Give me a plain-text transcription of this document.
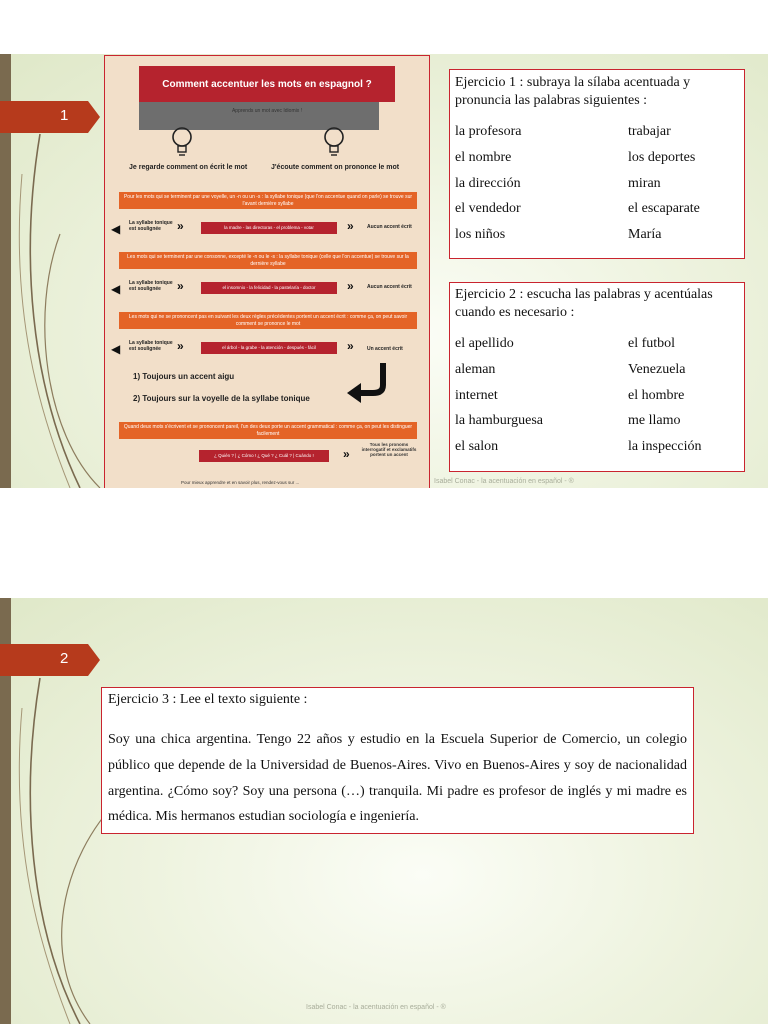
1
Comment accentuer les mots en espagnol ?
Apprends un mot avec Idiomix !
Je regarde comment on écrit le mot	J'écoute comment on prononce le mot
Pour les mots qui se terminent par une voyelle, un -n ou un -s : la syllabe tonique (que l'on accentue quand on parle) se trouve sur l'avant dernière syllabe
◀ La syllabe tonique est soulignée	»	la madre - las directoras - el problema - votar	»	Aucun accent écrit
Les mots qui se terminent par une consonne, excepté le -n ou le -s : la syllabe tonique (celle que l'on accentue) se trouve sur la dernière syllabe
◀ La syllabe tonique est soulignée	»	el insomnio - la felicidad - la pastelaría - doctor	»	Aucun accent écrit
Les mots qui ne se prononcent pas en suivant les deux règles précédentes portent un accent écrit : comme ça, on peut savoir comment se prononce le mot
◀ La syllabe tonique est soulignée	»	el árbol - la grabe - la atención - después - fácil	»	Un accent écrit
1) Toujours un accent aigu
2) Toujours sur la voyelle de la syllabe tonique
Quand deux mots s'écrivent et se prononcent pareil, l'un des deux porte un accent grammatical : comme ça, on peut les distinguer facilement
¿ Quién ? | ¿ Cómo ! ¿ Qué ? ¿ Cuál ? | Cuándo !	»
Tous les pronoms interrogatif et exclamatifs portent un accent
Pour mieux apprendre et en savoir plus, rendez-vous sur ...
Ejercicio 1 : subraya la sílaba acentuada y pronuncia las palabras siguientes :
la profesora	trabajar
el nombre	los deportes
la dirección	miran
el vendedor	el escaparate
los niños	María
Ejercicio 2 : escucha las palabras y acentúalas cuando es necesario :
el apellido	el futbol
aleman	Venezuela
internet	el hombre
la hamburguesa	me llamo
el salon	la inspección
Isabel Conac - la acentuación en español - ®
2
Ejercicio 3 : Lee el texto siguiente :
Soy una chica argentina. Tengo 22 años y estudio en la Escuela Superior de Comercio, un colegio público que depende de la Universidad de Buenos-Aires. Vivo en Buenos-Aires y soy de nacionalidad argentina. ¿Cómo soy? Soy una persona (…) tranquila. Mi padre es profesor de inglés y mi madre es médica. Mis hermanos estudian sociología e ingeniería.
Isabel Conac - la acentuación en español - ®
